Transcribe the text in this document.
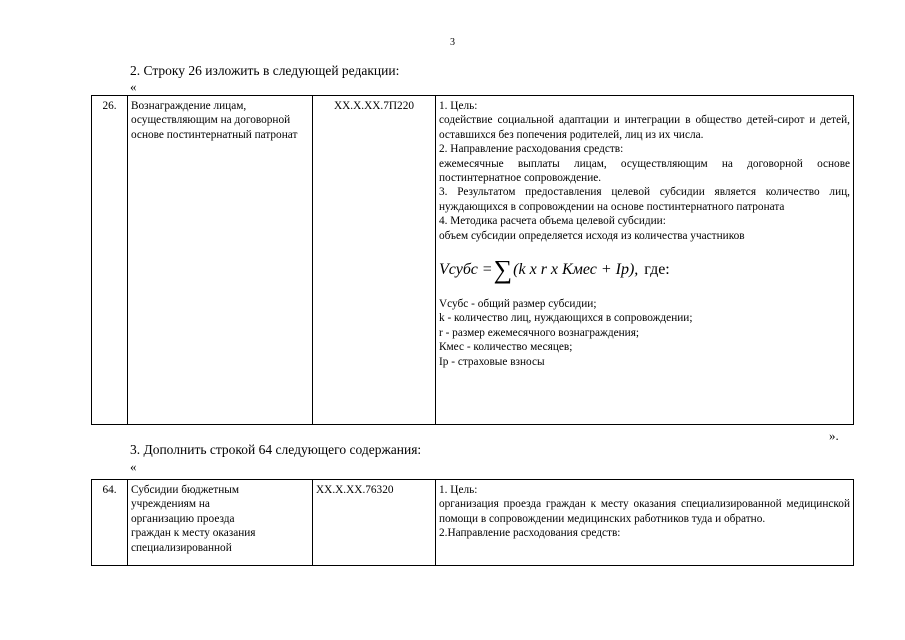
3
2. Строку 26 изложить в следующей редакции:
«
26.	Вознаграждение лицам, осуществляющим на договорной основе постинтернатный патронат	ХХ.Х.ХХ.7П220	1. Цель:

содействие социальной адаптации и интеграции в общество детей-сирот и детей, оставшихся без попечения родителей, лиц из их числа.

2. Направление расходования средств:

ежемесячные выплаты лицам, осуществляющим на договорной основе постинтернатное сопровождение.

3. Результатом предоставления целевой субсидии является количество лиц, нуждающихся в сопровождении на основе постинтернатного патроната

4. Методика расчета объема целевой субсидии:

объем субсидии определяется исходя из количества участников

Vсубс = ∑ (k x r x Кмес + Ip), где:

Vсубс - общий размер субсидии;

k - количество лиц, нуждающихся в сопровождении;

r - размер ежемесячного вознаграждения;

Кмес - количество месяцев;

Ip - страховые взносы

».
3. Дополнить строкой 64 следующего содержания:
«
64.	Субсидии бюджетным
учреждениям на
организацию проезда
граждан к месту оказания
специализированной
	ХХ.Х.ХХ.76320	1. Цель:

организация проезда граждан к месту оказания специализированной медицинской помощи в сопровождении медицинских работников туда и обратно.

2.Направление расходования средств:
